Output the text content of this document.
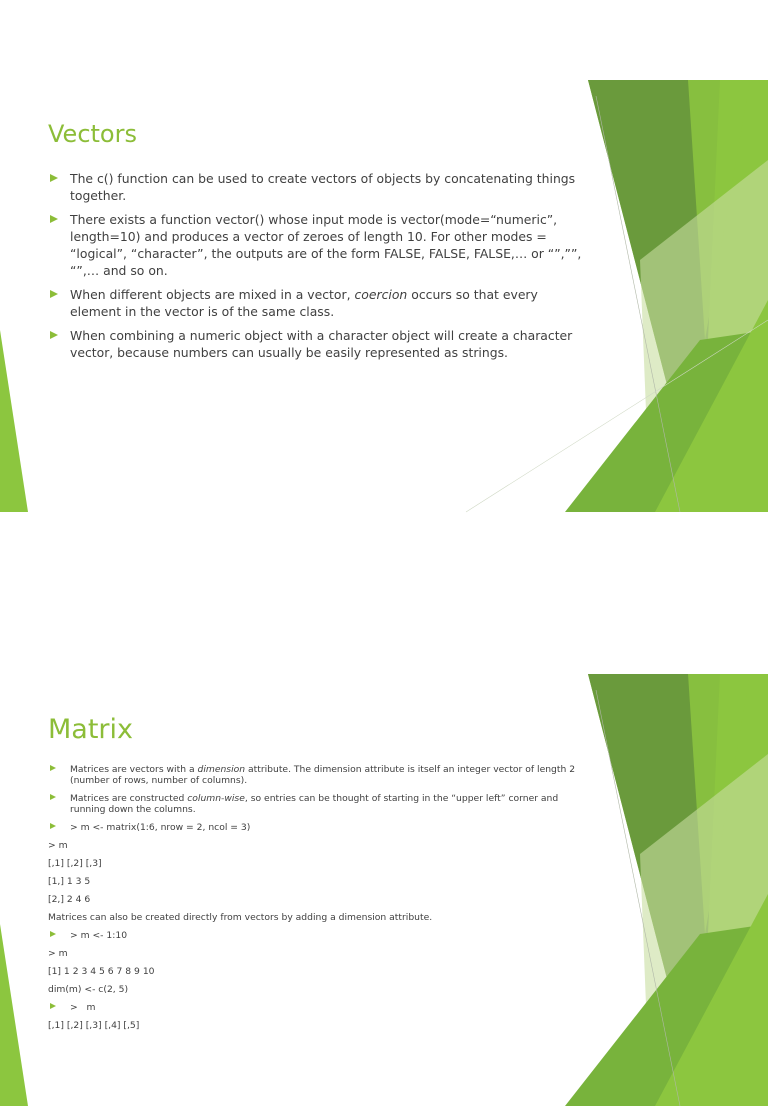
Vectors
The c() function can be used to create vectors of objects by concatenating things together.
There exists a function vector() whose input mode is vector(mode=“numeric”, length=10) and produces a vector of zeroes of length 10. For other modes = “logical”, “character”, the outputs are of the form FALSE, FALSE, FALSE,… or “”,””, “”,… and so on.
When different objects are mixed in a vector, coercion occurs so that every element in the vector is of the same class.
When combining a numeric object with a character object will create a character vector, because numbers can usually be easily represented as strings.
Matrix
Matrices are vectors with a dimension attribute. The dimension attribute is itself an integer vector of length 2 (number of rows, number of columns).
Matrices are constructed column-wise, so entries can be thought of starting in the “upper left” corner and running down the columns.
> m <- matrix(1:6, nrow = 2, ncol = 3)
> m
[,1] [,2] [,3]
[1,] 1 3 5
[2,] 2 4 6
Matrices can also be created directly from vectors by adding a dimension attribute.
> m <- 1:10
> m
[1] 1 2 3 4 5 6 7 8 9 10
dim(m) <- c(2, 5)
>   m
[,1] [,2] [,3] [,4] [,5]
